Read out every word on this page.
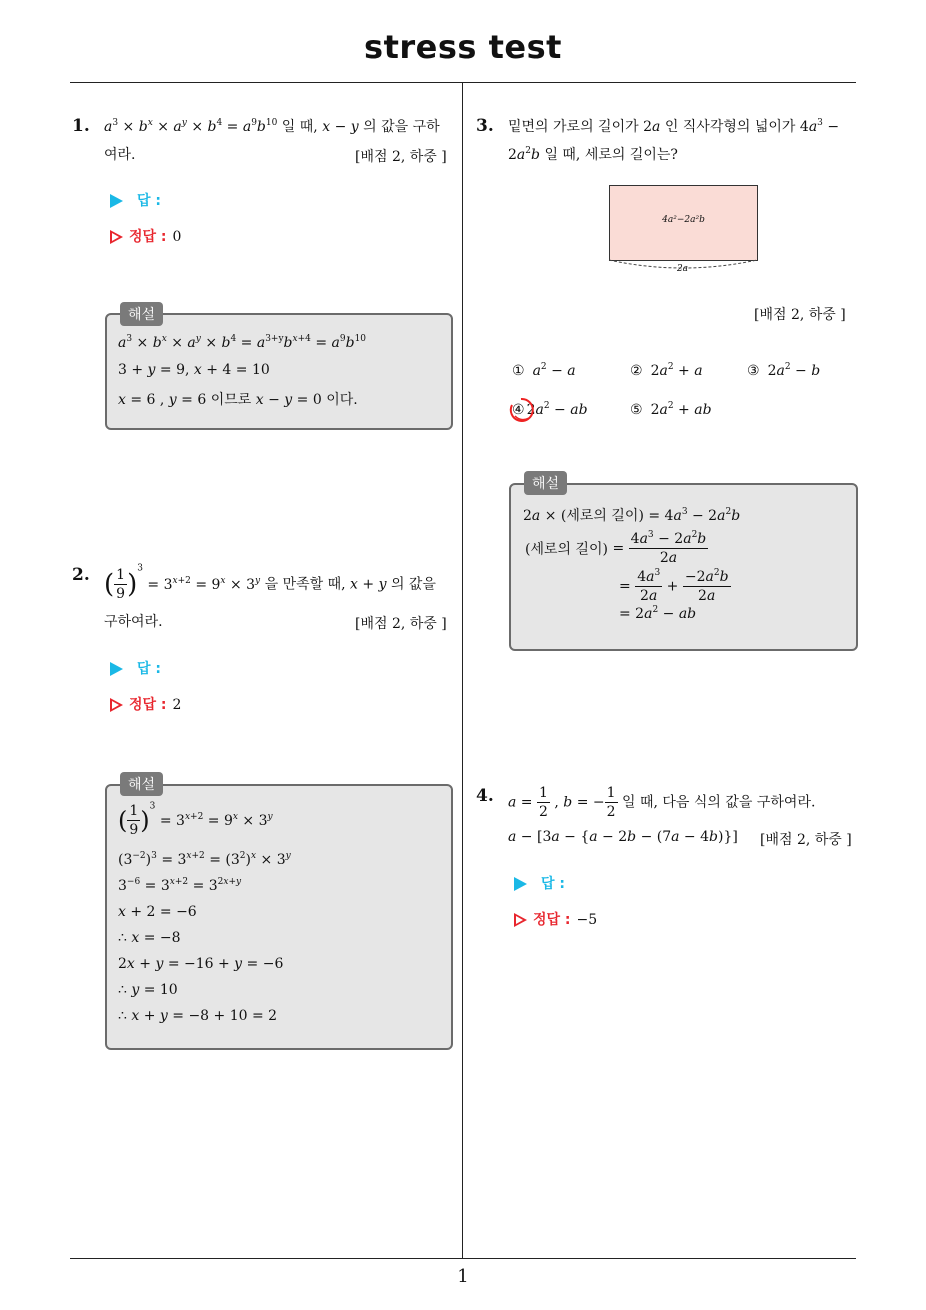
stress test
1
1. $a^3 \times b^x \times a^y \times b^4 = a^9b^{10}$ 일 때, x − y 의 값을 구하
여라.	[배점 2, 하중 ]
답 :
정답 : 0
$a^3 \times b^x \times a^y \times b^4 = a^{3+y}b^{x+4} = a^9b^{10}$
3 + y = 9, x + 4 = 10
x = 6 , y = 6 이므로 x − y = 0 이다.
해설
2. ( $\frac{1}{9} )^3 = 3^{x+2} = 9^x \times 3^y$ 을 만족할 때, x + y 의 값을
구하여라.	[배점 2, 하중 ]
답 :
정답 : 2
( $\frac{1}{9} )^3 = 3^{x+2} = 9^x \times 3^y$
$(3^{-2})^3 = 3^{x+2} = (3^2)^x \times 3^y$
$3^{-6} = 3^{x+2} = 3^{2x+y}$
x + 2 = −6
∴ x = −8
2x + y = −16 + y = −6
∴ y = 10
∴ x + y = −8 + 10 = 2
해설
3. 밑면의 가로의 길이가 2a 인 직사각형의 넓이가 $4a^3$ −
$2a^2b$ 일 때, 세로의 길이는?
4a²−2a²b
2a
[배점 2, 하중 ]
① $a^2 - a$	② $2a^2 + a$	③ $2a^2 - b$
④ $2a^2$ − ab	⑤ $2a^2$ + ab
2a × (세로의 길이) = $4a^3 - 2a^2b$
(세로의 길이) = $\frac{4a^3 - 2a^2b}{2a}$
= $\frac{4a^3}{2a} + \frac{-2a^2b}{2a}$
= $2a^2$ − ab
해설
4. $a = \frac{1}{2}$ , b = − $\frac{1}{2}$ 일 때, 다음 식의 값을 구하여라.
a − [3a − {a − 2b − (7a − 4b)}] [배점 2, 하중 ]
답 :
정답 : −5
